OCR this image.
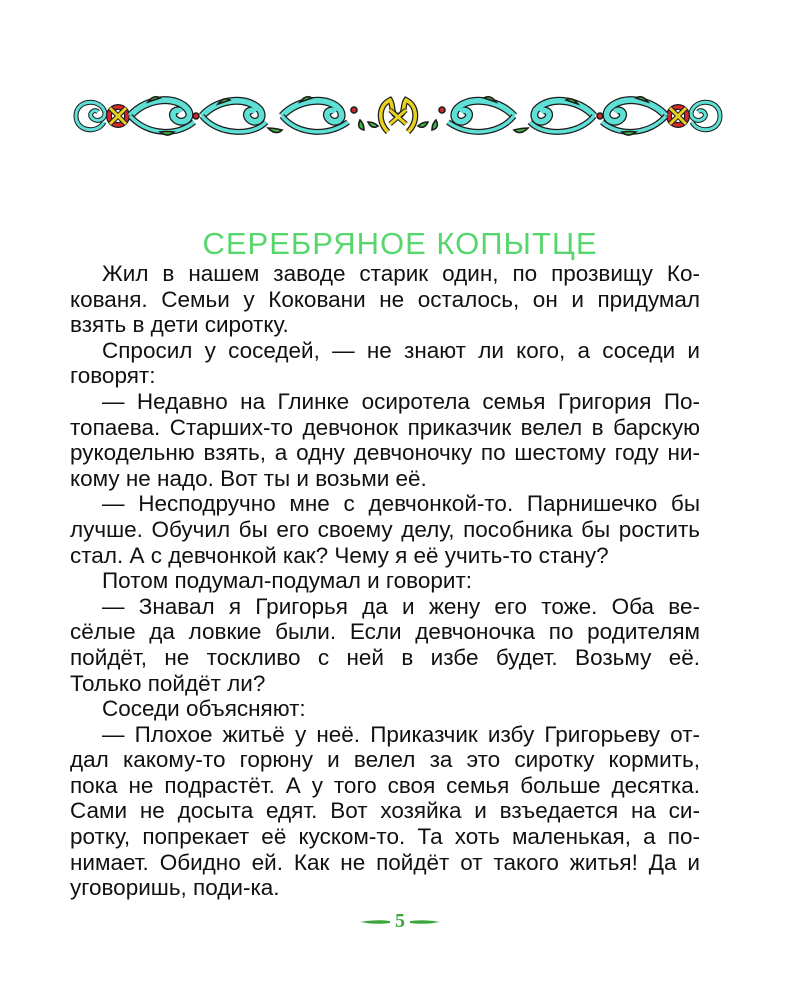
СЕРЕБРЯНОЕ КОПЫТЦЕ

Жил в нашем заводе старик один, по прозвищу Ко-
кованя. Семьи у Коковани не осталось, он и придумал
взять в дети сиротку.

Спросил у соседей, — не знают ли кого, а соседи и
говорят:

— Недавно на Глинке осиротела семья Григория По-
топаева. Старших-то девчонок приказчик велел в барскую
рукодельню взять, а одну девчоночку по шестому году ни-
кому не надо. Вот ты и возьми её.

— Несподручно мне с девчонкой-то. Парнишечко бы
лучше. Обучил бы его своему делу, пособника бы ростить
стал. А с девчонкой как? Чему я её учить-то стану?

Потом подумал-подумал и говорит:

— Знавал я Григорья да и жену его тоже. Оба ве-
сёлые да ловкие были. Если девчоночка по родителям
пойдёт, не тоскливо с ней в избе будет. Возьму её.
Только пойдёт ли?

Соседи объясняют:

— Плохое житьё у неё. Приказчик избу Григорьеву от-
дал какому-то горюну и велел за это сиротку кормить,
пока не подрастёт. А у того своя семья больше десятка.
Сами не досыта едят. Вот хозяйка и взъедается на си-
ротку, попрекает её куском-то. Та хоть маленькая, а по-
нимает. Обидно ей. Как не пойдёт от такого житья! Да и
уговоришь, поди-ка.

5
